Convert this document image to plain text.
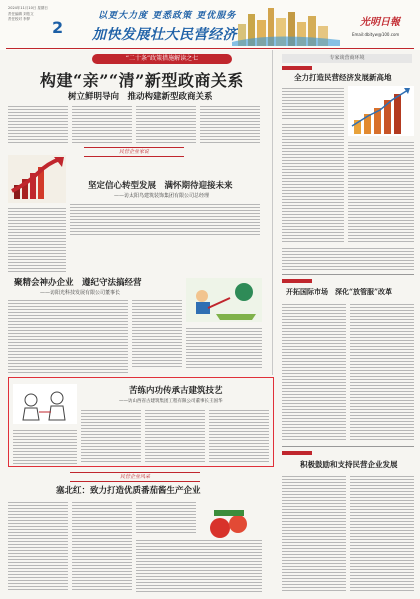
2
2024年11月10日 星期日
责任编辑 刘依文
责任校对 李梦	以更大力度 更悉政策 更优服务
加快发展壮大民营经济
光明日報
Email:dbityw@100.com
“二十条”政策措施解读之七
构建“亲”“清”新型政商关系
树立鲜明导向　推动构建新型政商关系
民营企业家说
坚定信心转型发展　满怀期待迎接未来
——访太阳鸟建筑装饰集团有限公司总经理
聚精会神办企业　遵纪守法搞经营
——访阳光科技发展有限公司董事长
苦练内功传承古建筑技艺
——访山西省古建筑集团工程有限公司董事长王国华
民营企业风采
塞北红：致力打造优质番茄酱生产企业
专家谈营商环境
全力打造民营经济发展新高地
开拓国际市场　深化“放管服”改革
积极鼓励和支持民营企业发展
